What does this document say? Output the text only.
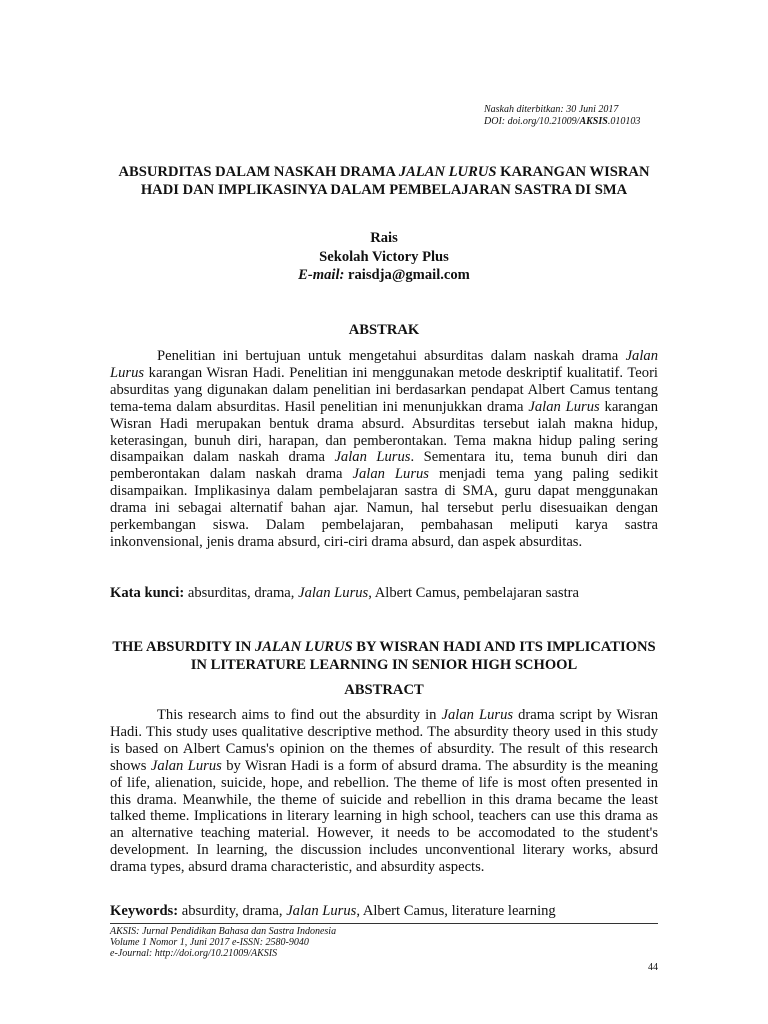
Naskah diterbitkan: 30 Juni 2017
DOI: doi.org/10.21009/AKSIS.010103
ABSURDITAS DALAM NASKAH DRAMA JALAN LURUS KARANGAN WISRAN HADI DAN IMPLIKASINYA DALAM PEMBELAJARAN SASTRA DI SMA
Rais
Sekolah Victory Plus
E-mail: raisdja@gmail.com
ABSTRAK
Penelitian ini bertujuan untuk mengetahui absurditas dalam naskah drama Jalan Lurus karangan Wisran Hadi. Penelitian ini menggunakan metode deskriptif kualitatif. Teori absurditas yang digunakan dalam penelitian ini berdasarkan pendapat Albert Camus tentang tema-tema dalam absurditas. Hasil penelitian ini menunjukkan drama Jalan Lurus karangan Wisran Hadi merupakan bentuk drama absurd. Absurditas tersebut ialah makna hidup, keterasingan, bunuh diri, harapan, dan pemberontakan. Tema makna hidup paling sering disampaikan dalam naskah drama Jalan Lurus. Sementara itu, tema bunuh diri dan pemberontakan dalam naskah drama Jalan Lurus menjadi tema yang paling sedikit disampaikan. Implikasinya dalam pembelajaran sastra di SMA, guru dapat menggunakan drama ini sebagai alternatif bahan ajar. Namun, hal tersebut perlu disesuaikan dengan perkembangan siswa. Dalam pembelajaran, pembahasan meliputi karya sastra inkonvensional, jenis drama absurd, ciri-ciri drama absurd, dan aspek absurditas.
Kata kunci: absurditas, drama, Jalan Lurus, Albert Camus, pembelajaran sastra
THE ABSURDITY IN JALAN LURUS BY WISRAN HADI AND ITS IMPLICATIONS IN LITERATURE LEARNING IN SENIOR HIGH SCHOOL
ABSTRACT
This research aims to find out the absurdity in Jalan Lurus drama script by Wisran Hadi. This study uses qualitative descriptive method. The absurdity theory used in this study is based on Albert Camus's opinion on the themes of absurdity. The result of this research shows Jalan Lurus by Wisran Hadi is a form of absurd drama. The absurdity is the meaning of life, alienation, suicide, hope, and rebellion. The theme of life is most often presented in this drama. Meanwhile, the theme of suicide and rebellion in this drama became the least talked theme. Implications in literary learning in high school, teachers can use this drama as an alternative teaching material. However, it needs to be accomodated to the student's development. In learning, the discussion includes unconventional literary works, absurd drama types, absurd drama characteristic, and absurdity aspects.
Keywords: absurdity, drama, Jalan Lurus, Albert Camus, literature learning
AKSIS: Jurnal Pendidikan Bahasa dan Sastra Indonesia
Volume 1 Nomor 1, Juni 2017 e-ISSN: 2580-9040
e-Journal: http://doi.org/10.21009/AKSIS
44
